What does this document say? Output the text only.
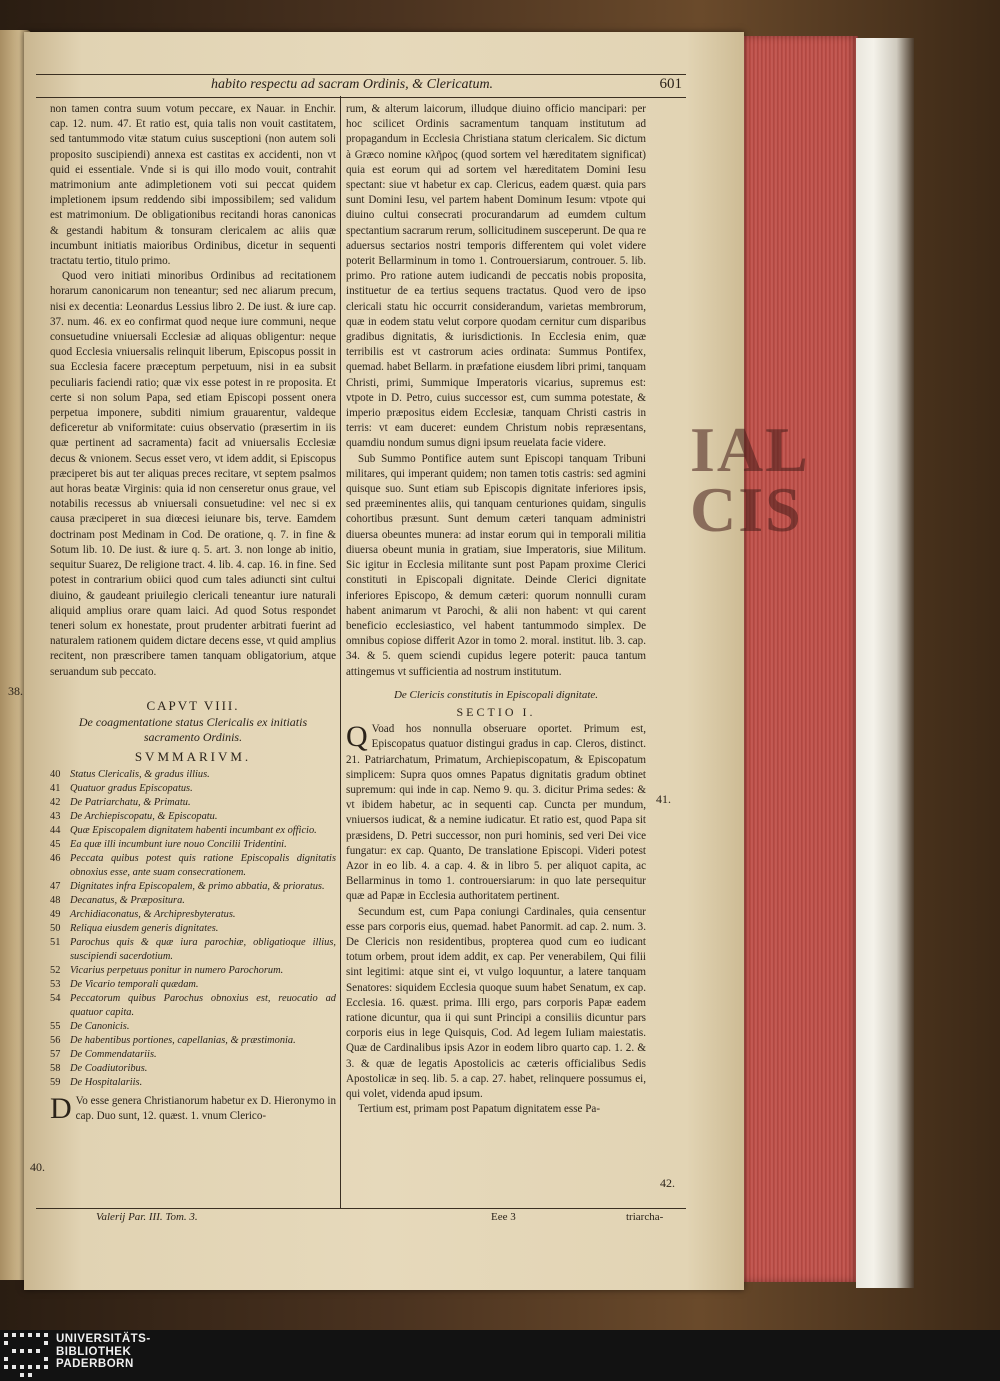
IAL
CIS
habito respectu ad sacram Ordinis, & Clericatum.	601

non tamen contra suum votum peccare, ex Nauar. in Enchir. cap. 12. num. 47. Et ratio est, quia talis non vouit castitatem, sed tantummodo vitæ statum cuius susceptioni (non autem soli proposito suscipiendi) annexa est castitas ex accidenti, non vt quid ei essentiale. Vnde si is qui illo modo vouit, contrahit matrimonium ante adimpletionem voti sui peccat quidem impletionem ipsum reddendo sibi impossibilem; sed validum est matrimonium. De obligationibus recitandi horas canonicas & gestandi habitum & tonsuram clericalem ac aliis quæ incumbunt initiatis maioribus Ordinibus, dicetur in sequenti tractatu tertio, titulo primo.

Quod vero initiati minoribus Ordinibus ad recitationem horarum canonicarum non teneantur; sed nec aliarum precum, nisi ex decentia: Leonardus Lessius libro 2. De iust. & iure cap. 37. num. 46. ex eo confirmat quod neque iure communi, neque consuetudine vniuersali Ecclesiæ ad aliquas obligentur: neque quod Ecclesia vniuersalis relinquit liberum, Episcopus possit in sua Ecclesia facere præceptum perpetuum, nisi in ea subsit peculiaris faciendi ratio; quæ vix esse potest in re proposita. Et certe si non solum Papa, sed etiam Episcopi possent onera perpetua imponere, subditi nimium grauarentur, valdeque deficeretur ab vniformitate: cuius observatio (præsertim in iis quæ pertinent ad sacramenta) facit ad vniuersalis Ecclesiæ decus & vnionem. Secus esset vero, vt idem addit, si Episcopus præciperet bis aut ter aliquas preces recitare, vt septem psalmos aut horas beatæ Virginis: quia id non censeretur onus graue, vel notabilis recessus ab vniuersali consuetudine: vel nec si ex causa præciperet in sua diœcesi ieiunare bis, terve. Eamdem doctrinam post Medinam in Cod. De oratione, q. 7. in fine & Sotum lib. 10. De iust. & iure q. 5. art. 3. non longe ab initio, sequitur Suarez, De religione tract. 4. lib. 4. cap. 16. in fine. Sed potest in contrarium obiici quod cum tales adiuncti sint cultui diuino, & gaudeant priuilegio clericali teneantur iure naturali aliquid amplius orare quam laici. Ad quod Sotus respondet teneri solum ex honestate, prout prudenter arbitrati fuerint ad naturalem rationem quidem dictare decens esse, vt quid amplius recitent, non præscribere tamen tanquam obligatorium, atque seruandum sub peccato.

CAPVT VIII.
De coagmentatione status Clericalis ex initiatis sacramento Ordinis.
SVMMARIVM.
40 Status Clericalis, & gradus illius.
41 Quatuor gradus Episcopatus.
42 De Patriarchatu, & Primatu.
43 De Archiepiscopatu, & Episcopatu.
44 Quæ Episcopalem dignitatem habenti incumbant ex officio.
45 Ea quæ illi incumbunt iure nouo Concilii Tridentini.
46 Peccata quibus potest quis ratione Episcopalis dignitatis obnoxius esse, ante suam consecrationem.
47 Dignitates infra Episcopalem, & primo abbatia, & prioratus.
48 Decanatus, & Præpositura.
49 Archidiaconatus, & Archipresbyteratus.
50 Reliqua eiusdem generis dignitates.
51 Parochus quis & quæ iura parochiæ, obligatioque illius, suscipiendi sacerdotium.
52 Vicarius perpetuus ponitur in numero Parochorum.
53 De Vicario temporali quædam.
54 Peccatorum quibus Parochus obnoxius est, reuocatio ad quatuor capita.
55 De Canonicis.
56 De habentibus portiones, capellanias, & præstimonia.
57 De Commendatariis.
58 De Coadiutoribus.
59 De Hospitalariis.
D Vo esse genera Christianorum habetur ex D. Hieronymo in cap. Duo sunt, 12. quæst. 1. vnum Clerico-

rum, & alterum laicorum, illudque diuino officio mancipari: per hoc scilicet Ordinis sacramentum tanquam institutum ad propagandum in Ecclesia Christiana statum clericalem. Sic dictum à Græco nomine κλῆρος (quod sortem vel hæreditatem significat) quia est eorum qui ad sortem vel hæreditatem Domini Iesu spectant: siue vt habetur ex cap. Clericus, eadem quæst. quia pars sunt Domini Iesu, vel partem habent Dominum Iesum: vtpote qui diuino cultui consecrati procurandarum ad eumdem cultum spectantium sacrarum rerum, sollicitudinem susceperunt. De qua re aduersus sectarios nostri temporis differentem qui volet videre poterit Bellarminum in tomo 1. Controuersiarum, controuer. 5. lib. primo. Pro ratione autem iudicandi de peccatis nobis proposita, instituetur de ea tertius sequens tractatus. Quod vero de ipso clericali statu hic occurrit considerandum, varietas membrorum, quæ in eodem statu velut corpore quodam cernitur cum disparibus gradibus dignitatis, & iurisdictionis. In Ecclesia enim, quæ terribilis est vt castrorum acies ordinata: Summus Pontifex, quemad. habet Bellarm. in præfatione eiusdem libri primi, tanquam Christi, primi, Summique Imperatoris vicarius, supremus est: vtpote in D. Petro, cuius successor est, cum summa potestate, & imperio præpositus eidem Ecclesiæ, tanquam Christi castris in terris: vt eam duceret: eundem Christum nobis repræsentans, quamdiu nondum sumus digni ipsum reuelata facie videre.

Sub Summo Pontifice autem sunt Episcopi tanquam Tribuni militares, qui imperant quidem; non tamen totis castris: sed agmini quisque suo. Sunt etiam sub Episcopis dignitate inferiores ipsis, sed præeminentes aliis, qui tanquam centuriones quidam, singulis cohortibus præsunt. Sunt demum cæteri tanquam administri diuersa obeuntes munera: ad instar eorum qui in temporali militia diuersa obeunt munia in gratiam, siue Imperatoris, siue Militum. Sic igitur in Ecclesia militante sunt post Papam proxime Clerici constituti in Episcopali dignitate. Deinde Clerici dignitate inferiores Episcopo, & demum cæteri: quorum nonnulli curam habent animarum vt Parochi, & alii non habent: vt qui carent beneficio ecclesiastico, vel habent tantummodo simplex. De omnibus copiose differit Azor in tomo 2. moral. institut. lib. 3. cap. 34. & 5. quem sciendi cupidus legere poterit: pauca tantum attingemus vt sufficientia ad nostrum institutum.

De Clericis constitutis in Episcopali dignitate.
SECTIO I.

Q Voad hos nonnulla obseruare oportet. Primum est, Episcopatus quatuor distingui gradus in cap. Cleros, distinct. 21. Patriarchatum, Primatum, Archiepiscopatum, & Episcopatum simplicem: Supra quos omnes Papatus dignitatis gradum obtinet supremum: qui inde in cap. Nemo 9. qu. 3. dicitur Prima sedes: & vt ibidem habetur, ac in sequenti cap. Cuncta per mundum, vniuersos iudicat, & a nemine iudicatur. Et ratio est, quod Papa sit præsidens, D. Petri successor, non puri hominis, sed veri Dei vice fungatur: ex cap. Quanto, De translatione Episcopi. Videri potest Azor in eo lib. 4. a cap. 4. & in libro 5. per aliquot capita, ac Bellarminus in tomo 1. controuersiarum: in quo late persequitur quæ ad Papæ in Ecclesia authoritatem pertinent.

Secundum est, cum Papa coniungi Cardinales, quia censentur esse pars corporis eius, quemad. habet Panormit. ad cap. 2. num. 3. De Clericis non residentibus, propterea quod cum eo iudicant totum orbem, prout idem addit, ex cap. Per venerabilem, Qui filii sint legitimi: atque sint ei, vt vulgo loquuntur, a latere tanquam Senatores: siquidem Ecclesia quoque suum habet Senatum, ex cap. Ecclesia. 16. quæst. prima. Illi ergo, pars corporis Papæ eadem ratione dicuntur, qua ii qui sunt Principi a consiliis dicuntur pars corporis eius in lege Quisquis, Cod. Ad legem Iuliam maiestatis. Quæ de Cardinalibus ipsis Azor in eodem libro quarto cap. 1. 2. & 3. & quæ de legatis Apostolicis ac cæteris officialibus Sedis Apostolicæ in seq. lib. 5. a cap. 27. habet, relinquere possumus ei, qui volet, videnda apud ipsum.

Tertium est, primam post Papatum dignitatem esse Pa-

38.
40.
41.
42.
Valerij Par. III. Tom. 3.	Eee 3	triarcha-
UNIVERSITÄTS-
BIBLIOTHEK
PADERBORN
